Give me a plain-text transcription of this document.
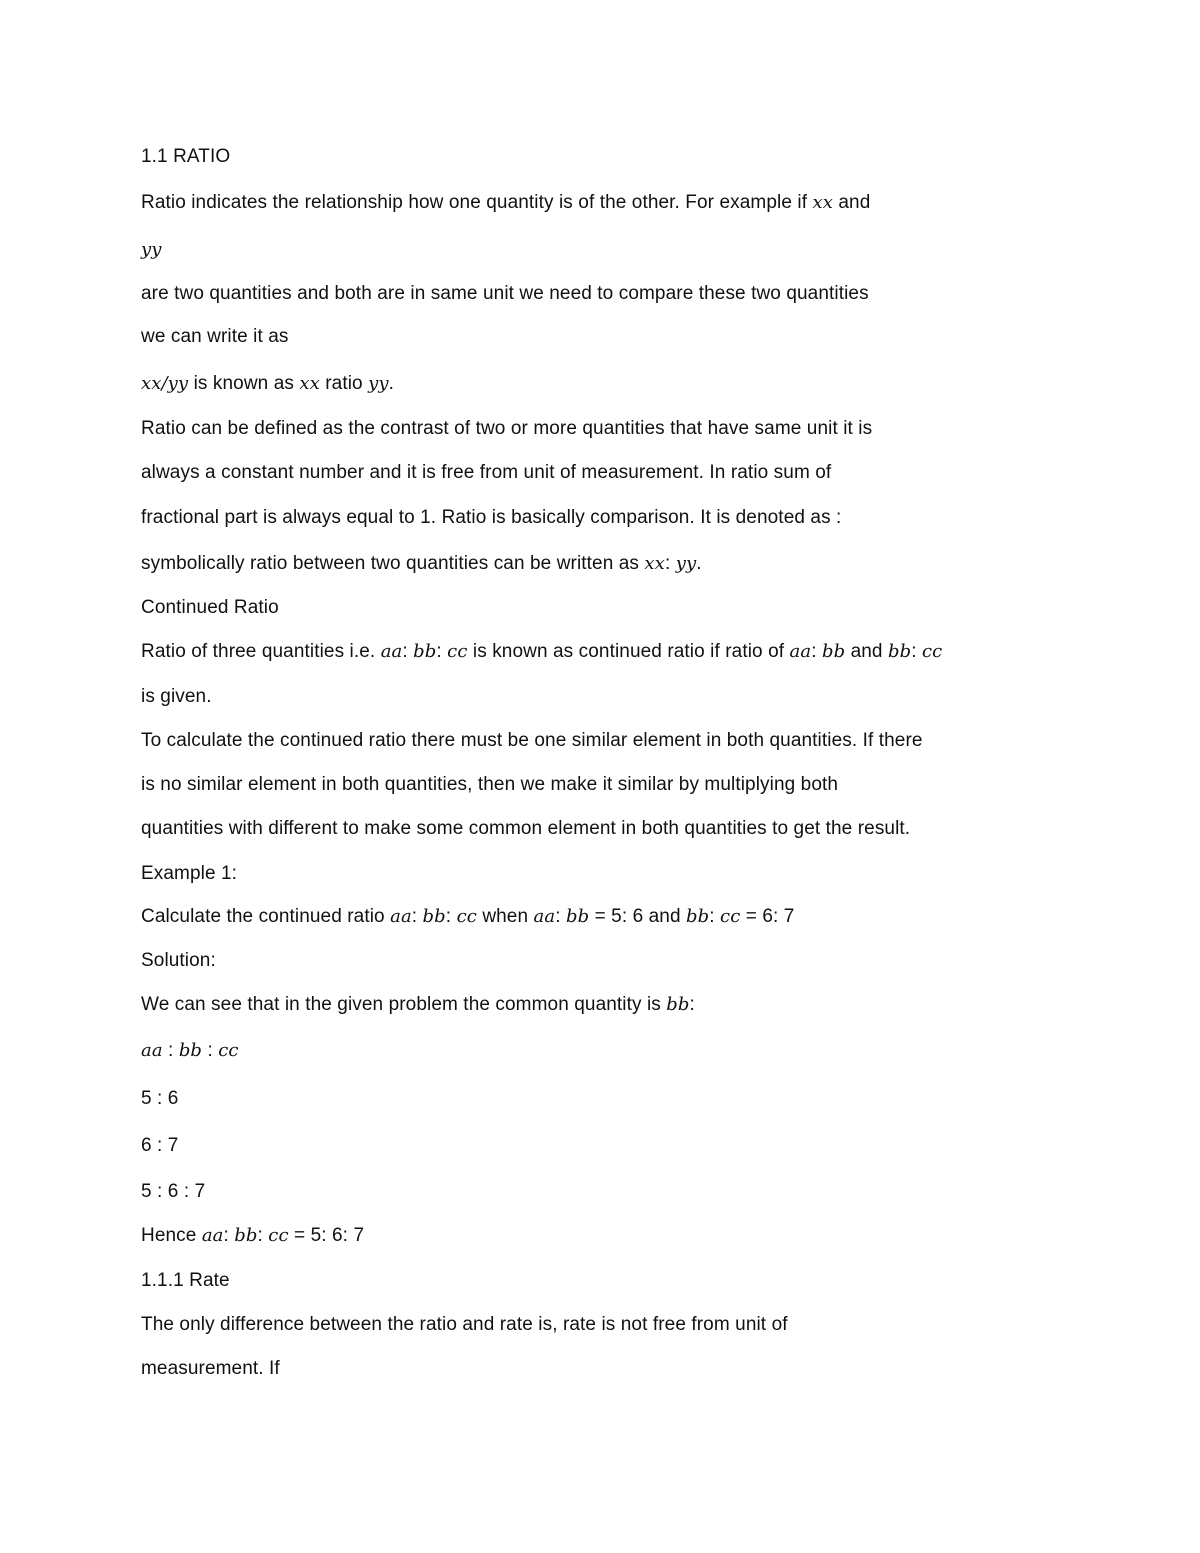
1.1 RATIO
Ratio indicates the relationship how one quantity is of the other. For example if xx and
yy
are two quantities and both are in same unit we need to compare these two quantities
we can write it as
xx/yy is known as xx ratio yy.
Ratio can be defined as the contrast of two or more quantities that have same unit it is
always a constant number and it is free from unit of measurement. In ratio sum of
fractional part is always equal to 1. Ratio is basically comparison. It is denoted as :
symbolically ratio between two quantities can be written as xx: yy.
Continued Ratio
Ratio of three quantities i.e. aa: bb: cc is known as continued ratio if ratio of aa: bb and bb: cc
is given.
To calculate the continued ratio there must be one similar element in both quantities. If there
is no similar element in both quantities, then we make it similar by multiplying both
quantities with different to make some common element in both quantities to get the result.
Example 1:
Calculate the continued ratio aa: bb: cc when aa: bb = 5: 6 and bb: cc = 6: 7
Solution:
We can see that in the given problem the common quantity is bb:
aa : bb : cc
5 : 6
6 : 7
5 : 6 : 7
Hence aa: bb: cc = 5: 6: 7
1.1.1 Rate
The only difference between the ratio and rate is, rate is not free from unit of
measurement. If
